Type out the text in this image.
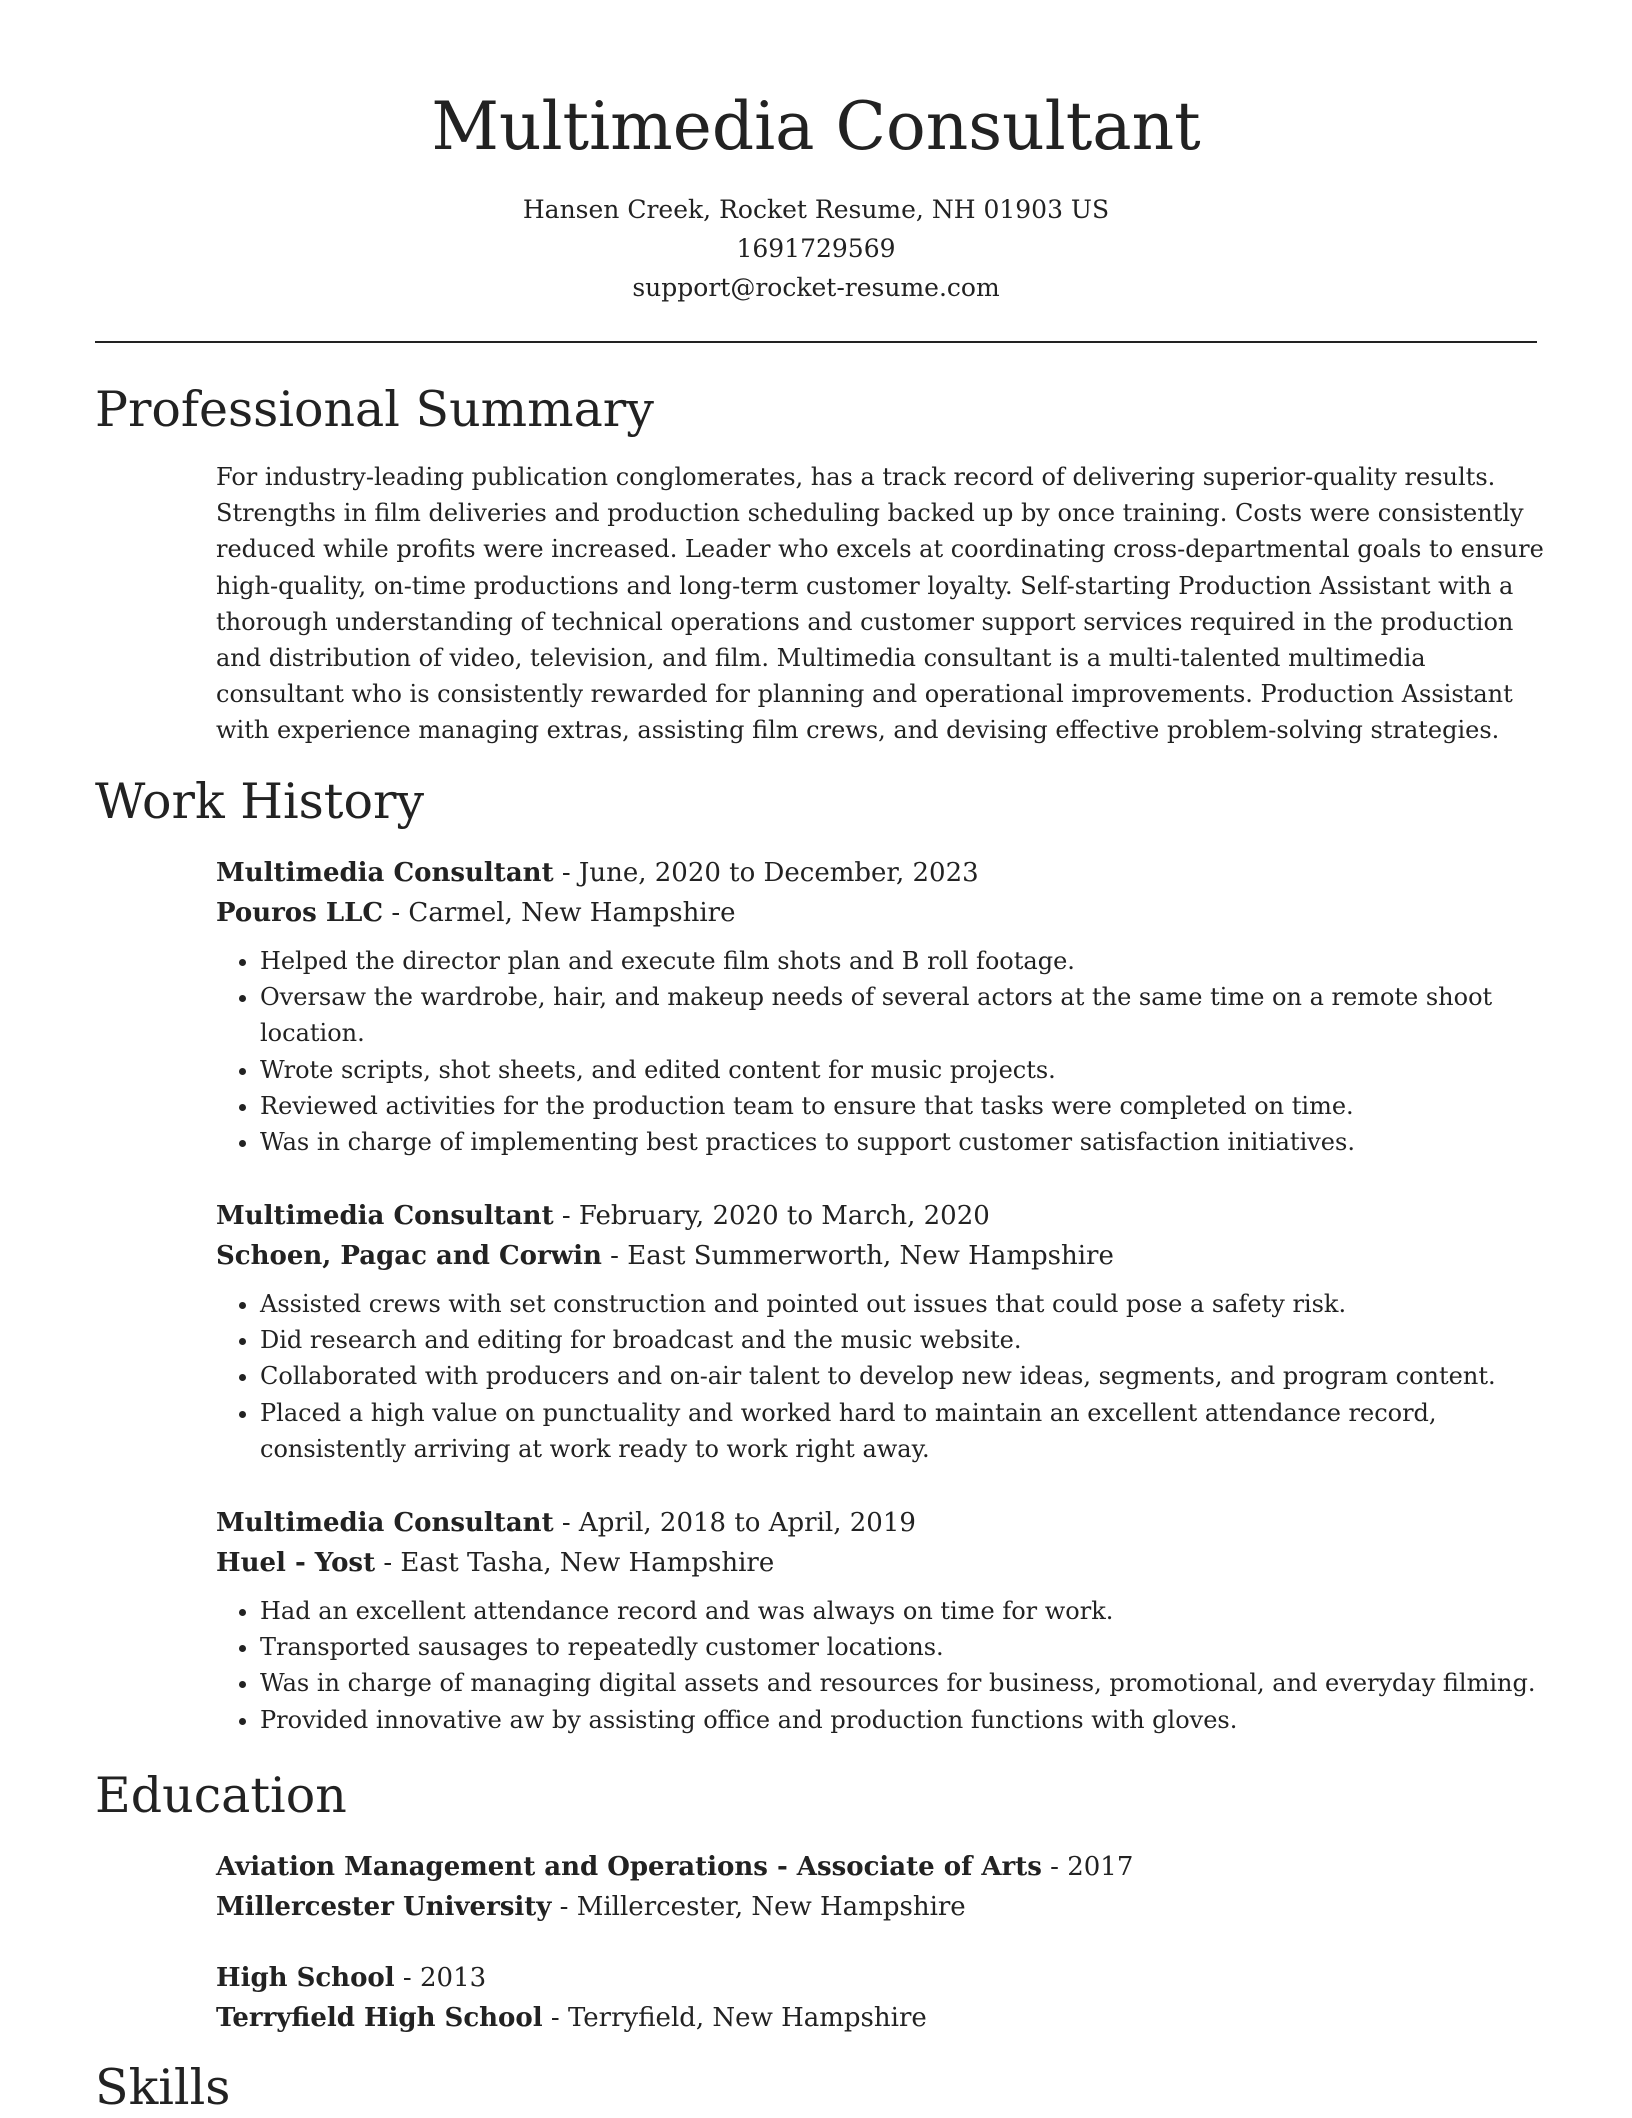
Multimedia Consultant
Hansen Creek, Rocket Resume, NH 01903 US
1691729569
support@rocket-resume.com
Professional Summary

For industry-leading publication conglomerates, has a track record of delivering superior-quality results. Strengths in film deliveries and production scheduling backed up by once training. Costs were consistently reduced while profits were increased. Leader who excels at coordinating cross-departmental goals to ensure high-quality, on-time productions and long-term customer loyalty. Self-starting Production Assistant with a thorough understanding of technical operations and customer support services required in the production and distribution of video, television, and film. Multimedia consultant is a multi-talented multimedia consultant who is consistently rewarded for planning and operational improvements. Production Assistant with experience managing extras, assisting film crews, and devising effective problem-solving strategies.

Work History
Multimedia Consultant - June, 2020 to December, 2023
Pouros LLC - Carmel, New Hampshire
• Helped the director plan and execute film shots and B roll footage.
• Oversaw the wardrobe, hair, and makeup needs of several actors at the same time on a remote shoot location.
• Wrote scripts, shot sheets, and edited content for music projects.
• Reviewed activities for the production team to ensure that tasks were completed on time.
• Was in charge of implementing best practices to support customer satisfaction initiatives.
Multimedia Consultant - February, 2020 to March, 2020
Schoen, Pagac and Corwin - East Summerworth, New Hampshire
• Assisted crews with set construction and pointed out issues that could pose a safety risk.
• Did research and editing for broadcast and the music website.
• Collaborated with producers and on-air talent to develop new ideas, segments, and program content.
• Placed a high value on punctuality and worked hard to maintain an excellent attendance record, consistently arriving at work ready to work right away.
Multimedia Consultant - April, 2018 to April, 2019
Huel - Yost - East Tasha, New Hampshire
• Had an excellent attendance record and was always on time for work.
• Transported sausages to repeatedly customer locations.
• Was in charge of managing digital assets and resources for business, promotional, and everyday filming.
• Provided innovative aw by assisting office and production functions with gloves.
Education
Aviation Management and Operations - Associate of Arts - 2017
Millercester University - Millercester, New Hampshire
High School - 2013
Terryfield High School - Terryfield, New Hampshire
Skills
